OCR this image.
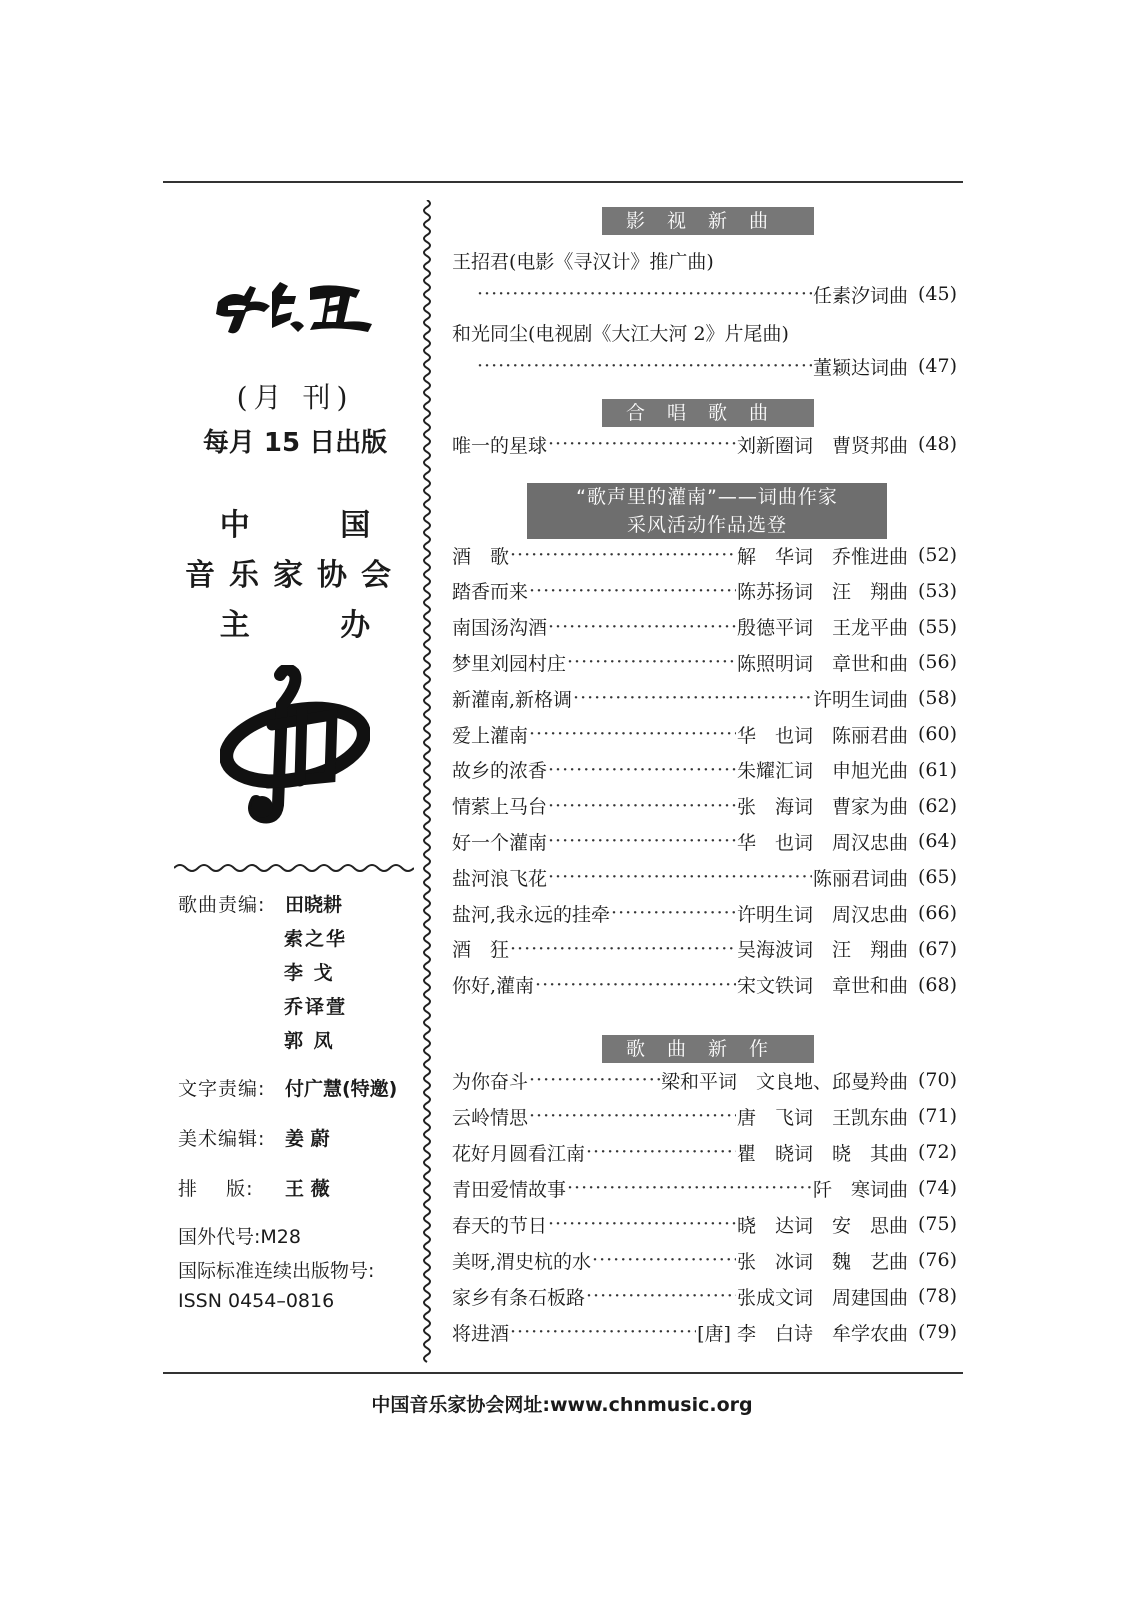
(月 刊)
每月 15 日出版
中 国
音乐家协会
主 办
歌曲责编: 田晓耕
索之华
李 戈
乔译萱
郭 凤
文字责编: 付广慧(特邀)
美术编辑: 姜 蔚
排    版: 王 薇
国外代号:M28
国际标准连续出版物号:
ISSN 0454–0816
影视新曲
王招君(电影《寻汉计》推广曲)
·····
任素汐词曲 (45)
和光同尘(电视剧《大江大河 2》片尾曲)
·····
董颖达词曲 (47)
合唱歌曲
唯一的星球 ·····	刘新圈词　曹贤邦曲 (48)
“歌声里的灌南”——词曲作家
采风活动作品选登
酒　歌 ·····	解　华词　乔惟进曲 (52)
踏香而来 ·····	陈苏扬词　汪　翔曲 (53)
南国汤沟酒 ·····	殷德平词　王龙平曲 (55)
梦里刘园村庄 ·····	陈照明词　章世和曲 (56)
新灌南,新格调 ·····	许明生词曲 (58)
爱上灌南 ·····	华　也词　陈丽君曲 (60)
故乡的浓香 ·····	朱耀汇词　申旭光曲 (61)
情萦上马台 ·····	张　海词　曹家为曲 (62)
好一个灌南 ·····	华　也词　周汉忠曲 (64)
盐河浪飞花 ·····	陈丽君词曲 (65)
盐河,我永远的挂牵 ·····	许明生词　周汉忠曲 (66)
酒　狂 ·····	吴海波词　汪　翔曲 (67)
你好,灌南 ·····	宋文铁词　章世和曲 (68)
歌曲新作
为你奋斗 ·····	梁和平词　文良地、邱曼羚曲 (70)
云岭情思 ·····	唐　飞词　王凯东曲 (71)
花好月圆看江南 ·····	瞿　晓词　晓　其曲 (72)
青田爱情故事 ·····	阡　寒词曲 (74)
春天的节日 ·····	晓　达词　安　思曲 (75)
美呀,渭史杭的水 ·····	张　冰词　魏　艺曲 (76)
家乡有条石板路 ·····	张成文词　周建国曲 (78)
将进酒 ·····	[唐] 李　白诗　牟学农曲 (79)
中国音乐家协会网址:www.chnmusic.org
